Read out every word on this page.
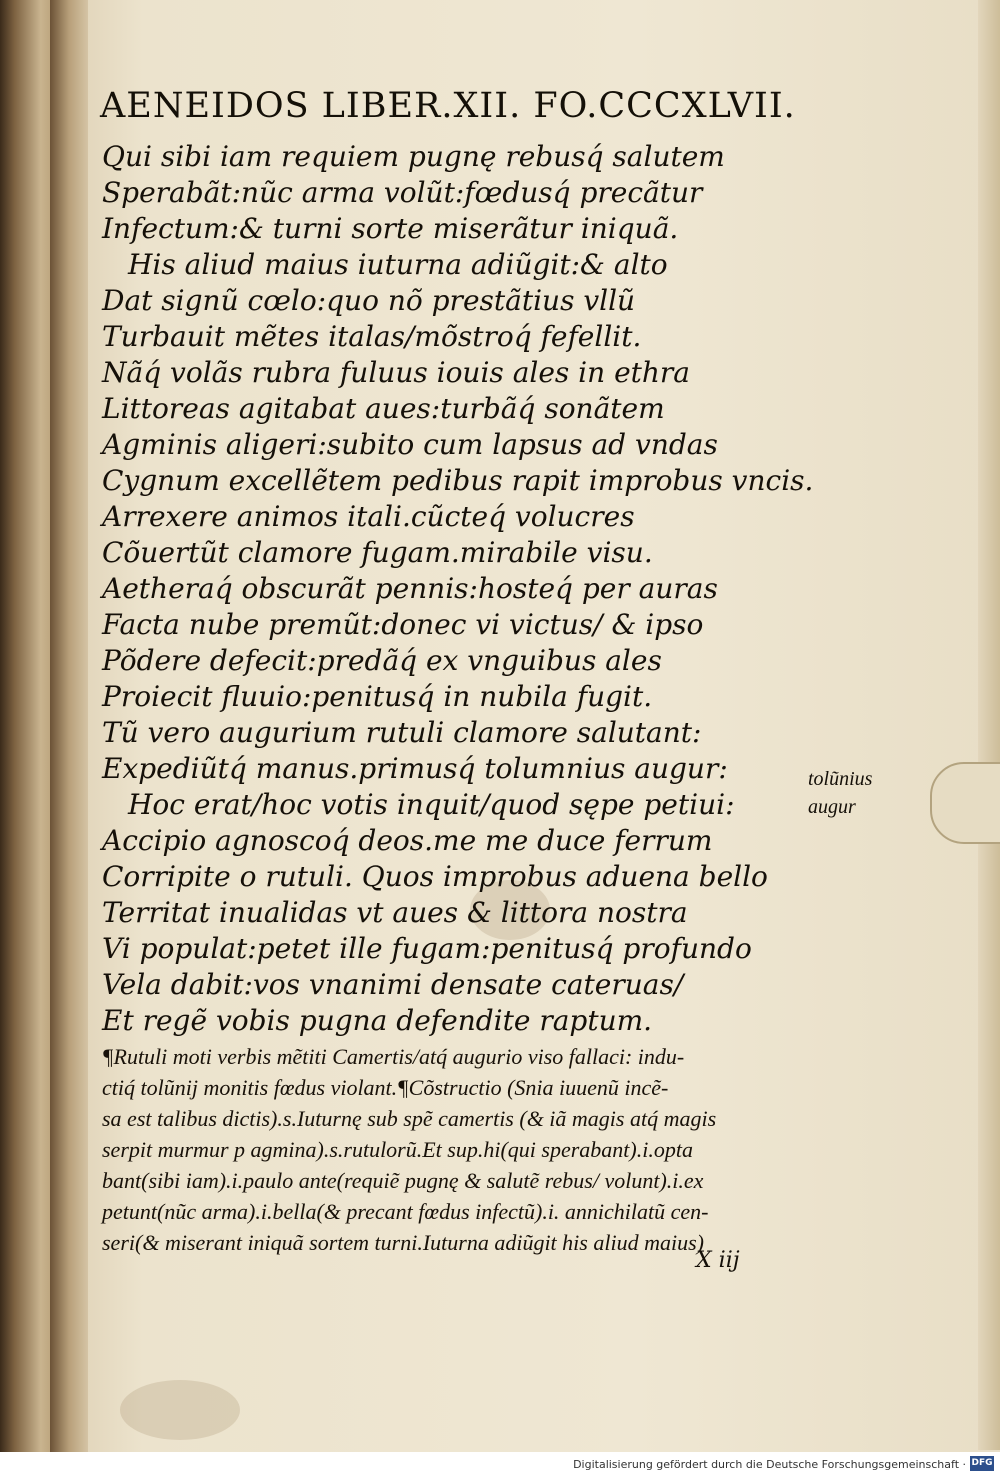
AENEIDOS LIBER.XII. FO.CCCXLVII.
Qui sibi iam requiem pugnę rebusq́ salutem
Sperabãt:nũc arma volũt:fœdusq́ precãtur
Infectum:& turni sorte miserãtur iniquã.
His aliud maius iuturna adiũgit:& alto
Dat signũ cœlo:quo nõ prestãtius vllũ
Turbauit mẽtes italas/mõstroq́ fefellit.
Nãq́ volãs rubra fuluus iouis ales in ethra
Littoreas agitabat aues:turbãq́ sonãtem
Agminis aligeri:subito cum lapsus ad vndas
Cygnum excellẽtem pedibus rapit improbus vncis.
Arrexere animos itali.cũcteq́ volucres
Cõuertũt clamore fugam.mirabile visu.
Aetheraq́ obscurãt pennis:hosteq́ per auras
Facta nube premũt:donec vi victus/ & ipso
Põdere defecit:predãq́ ex vnguibus ales
Proiecit fluuio:penitusq́ in nubila fugit.
Tũ vero augurium rutuli clamore salutant:
Expediũtq́ manus.primusq́ tolumnius augur:
Hoc erat/hoc votis inquit/quod sępe petiui:
Accipio agnoscoq́ deos.me me duce ferrum
Corripite o rutuli. Quos improbus aduena bello
Territat inualidas vt aues & littora nostra
Vi populat:petet ille fugam:penitusq́ profundo
Vela dabit:vos vnanimi densate cateruas/
Et regẽ vobis pugna defendite raptum.
¶Rutuli moti verbis mẽtiti Camertis/atq́ augurio viso fallaci: indu-
ctiq́ tolũnij monitis fœdus violant.¶Cõstructio (Snia iuuenũ incẽ-
sa est talibus dictis).s.Iuturnę sub spẽ camertis (& iã magis atq́ magis
serpit murmur p agmina).s.rutulorũ.Et sup.hi(qui sperabant).i.opta
bant(sibi iam).i.paulo ante(requiẽ pugnę & salutẽ rebus/ volunt).i.ex
petunt(nũc arma).i.bella(& precant fœdus infectũ).i. annichilatũ cen-
seri(& miserant iniquã sortem turni.Iuturna adiũgit his aliud maius)
tolũnius
augur
X iij
Digitalisierung gefördert durch die Deutsche Forschungsgemeinschaft · DFG
